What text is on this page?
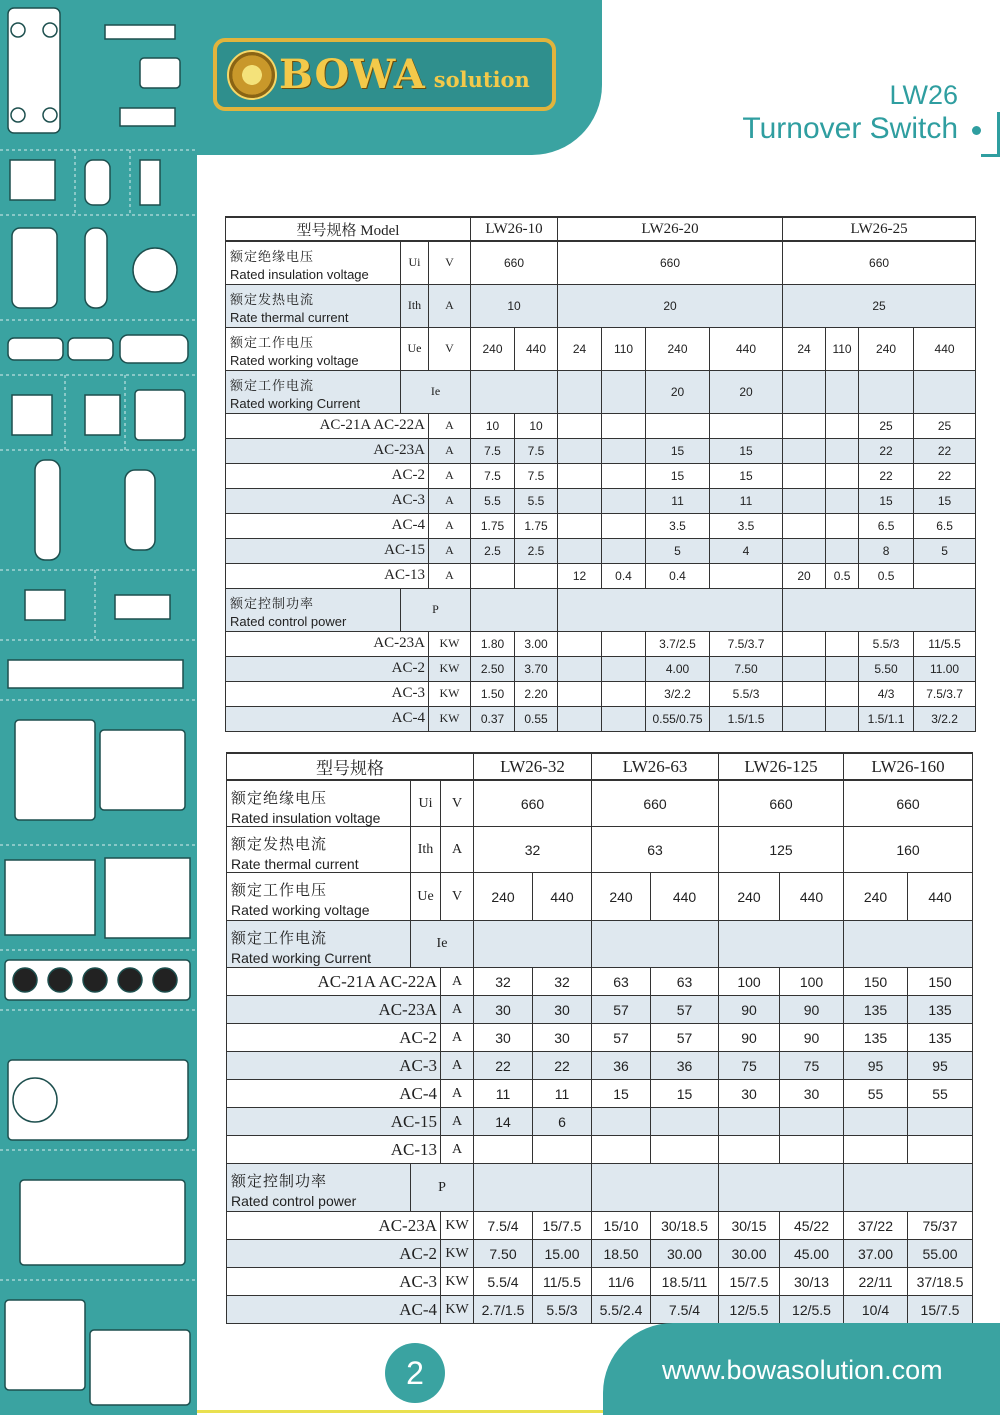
BOWA solution
LW26
Turnover Switch
型号规格 Model			LW26-10		LW26-20				LW26-25			

额定绝缘电压
Rated insulation voltage	Ui	V	660		660				660			

额定发热电流
Rate thermal current	Ith	A	10		20				25			

额定工作电压
Rated working voltage	Ue	V	240	440	24	110	240	440	24	110	240	440

额定工作电流
Rated working Current	Ie						20	20				
AC-21A AC-22A		A	10	10							25	25
AC-23A		A	7.5	7.5			15	15			22	22
AC-2		A	7.5	7.5			15	15			22	22
AC-3		A	5.5	5.5			11	11			15	15
AC-4		A	1.75	1.75			3.5	3.5			6.5	6.5
AC-15		A	2.5	2.5			5	4			8	5
AC-13		A			12	0.4	0.4		20	0.5	0.5	

额定控制功率
Rated control power	P											
AC-23A		KW	1.80	3.00			3.7/2.5	7.5/3.7			5.5/3	11/5.5
AC-2		KW	2.50	3.70			4.00	7.50			5.50	11.00
AC-3		KW	1.50	2.20			3/2.2	5.5/3			4/3	7.5/3.7
AC-4		KW	0.37	0.55			0.55/0.75	1.5/1.5			1.5/1.1	3/2.2
型号规格			LW26-32		LW26-63		LW26-125		LW26-160	

额定绝缘电压
Rated insulation voltage	Ui	V	660		660		660		660	

额定发热电流
Rate thermal current	Ith	A	32		63		125		160	

额定工作电压
Rated working voltage	Ue	V	240	440	240	440	240	440	240	440

额定工作电流
Rated working Current	Ie									
AC-21A AC-22A		A	32	32	63	63	100	100	150	150
AC-23A		A	30	30	57	57	90	90	135	135
AC-2		A	30	30	57	57	90	90	135	135
AC-3		A	22	22	36	36	75	75	95	95
AC-4		A	11	11	15	15	30	30	55	55
AC-15		A	14	6						
AC-13		A								

额定控制功率
Rated control power	P									
AC-23A		KW	7.5/4	15/7.5	15/10	30/18.5	30/15	45/22	37/22	75/37
AC-2		KW	7.50	15.00	18.50	30.00	30.00	45.00	37.00	55.00
AC-3		KW	5.5/4	11/5.5	11/6	18.5/11	15/7.5	30/13	22/11	37/18.5
AC-4		KW	2.7/1.5	5.5/3	5.5/2.4	7.5/4	12/5.5	12/5.5	10/4	15/7.5
www.bowasolution.com
2
